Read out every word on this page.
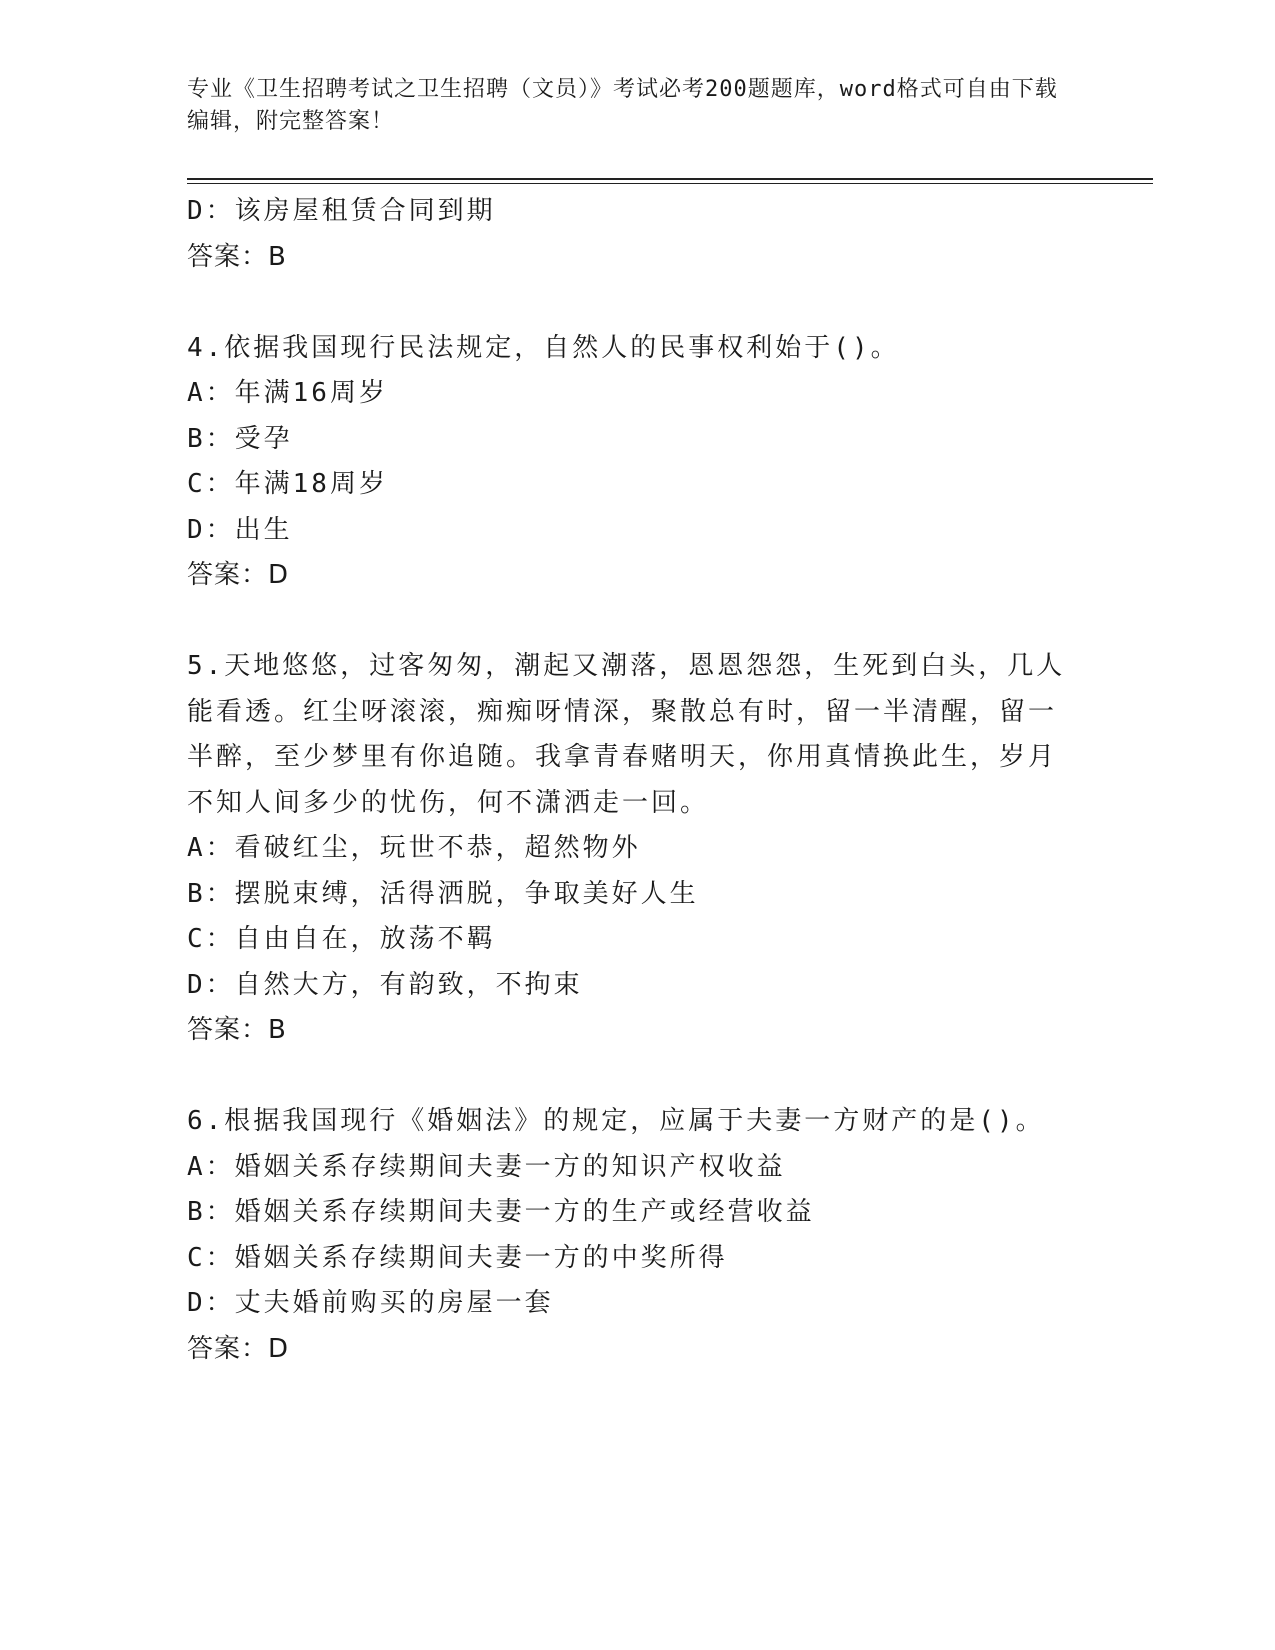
专业《卫生招聘考试之卫生招聘（文员）》考试必考200题题库，word格式可自由下载编辑，附完整答案！
D：该房屋租赁合同到期
答案：B
4.依据我国现行民法规定，自然人的民事权利始于()。
A：年满16周岁
B：受孕
C：年满18周岁
D：出生
答案：D
5.天地悠悠，过客匆匆，潮起又潮落，恩恩怨怨，生死到白头，几人能看透。红尘呀滚滚，痴痴呀情深，聚散总有时，留一半清醒，留一半醉，至少梦里有你追随。我拿青春赌明天，你用真情换此生，岁月不知人间多少的忧伤，何不潇洒走一回。
A：看破红尘，玩世不恭，超然物外
B：摆脱束缚，活得洒脱，争取美好人生
C：自由自在，放荡不羁
D：自然大方，有韵致，不拘束
答案：B
6.根据我国现行《婚姻法》的规定，应属于夫妻一方财产的是()。
A：婚姻关系存续期间夫妻一方的知识产权收益
B：婚姻关系存续期间夫妻一方的生产或经营收益
C：婚姻关系存续期间夫妻一方的中奖所得
D：丈夫婚前购买的房屋一套
答案：D
